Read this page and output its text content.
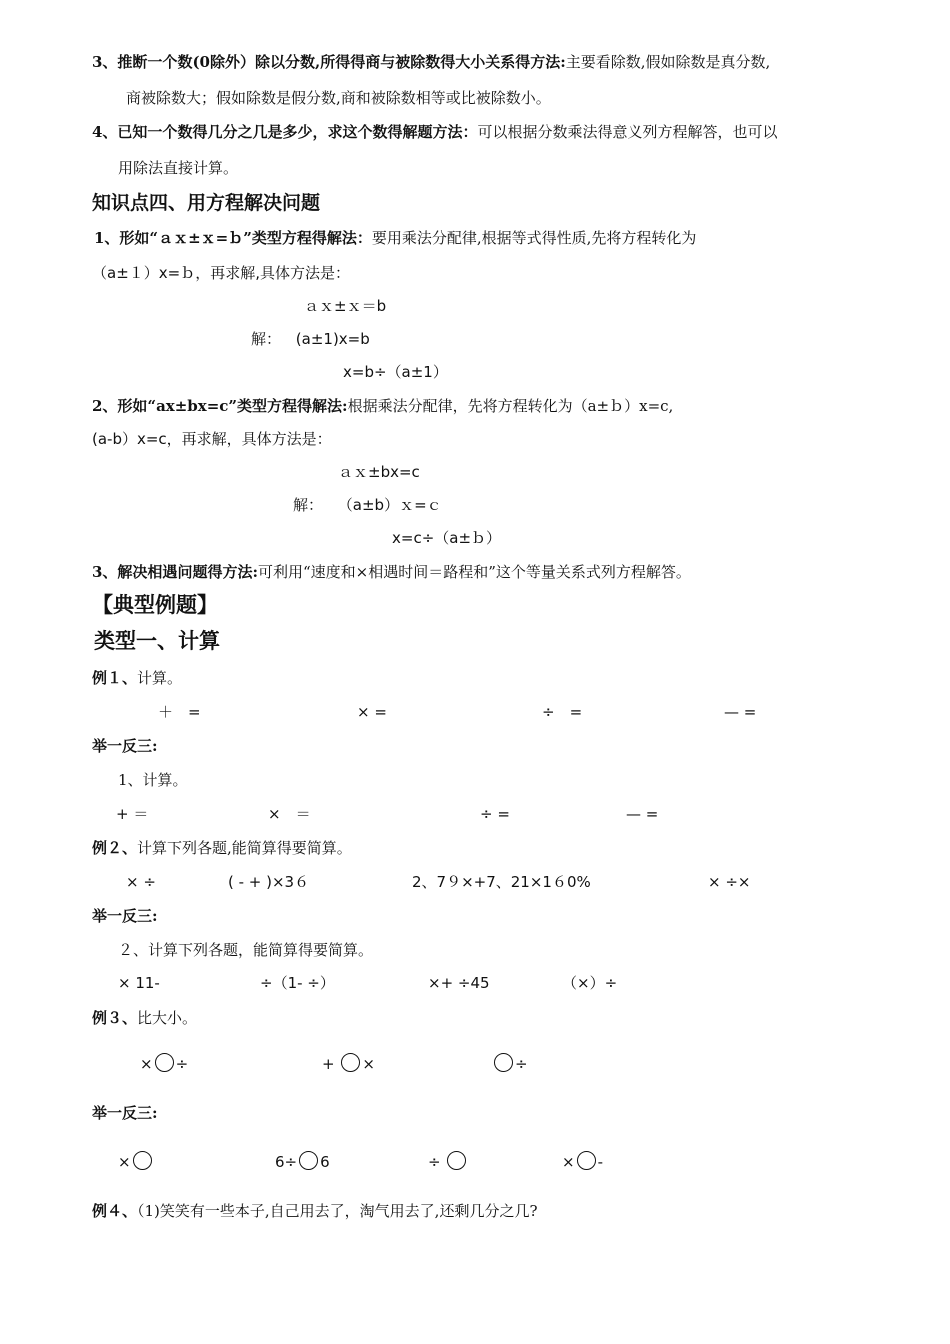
3、推断一个数(0除外）除以分数,所得得商与被除数得大小关系得方法:主要看除数,假如除数是真分数,
商被除数大；假如除数是假分数,商和被除数相等或比被除数小。
4、已知一个数得几分之几是多少，求这个数得解题方法：可以根据分数乘法得意义列方程解答，也可以
用除法直接计算。
知识点四、用方程解决问题
1、形如“ａｘ±ｘ=ｂ”类型方程得解法：要用乘法分配律,根据等式得性质,先将方程转化为
（a±１）x=ｂ，再求解,具体方法是：
ａｘ±ｘ＝b
解： (a±1)x=b
x=b÷（a±1）
2、形如“ax±bx=c”类型方程得解法:根据乘法分配律，先将方程转化为（a±ｂ）x=c,
(a-b）x=c，再求解，具体方法是：
ａｘ±bx=c
解： （a±b）ｘ=ｃ
x=c÷（a±ｂ）
3、解决相遇问题得方法:可利用“速度和×相遇时间＝路程和”这个等量关系式列方程解答。
【典型例题】
类型一、计算
例１、计算。
＋　=	× =	÷　=	— =
举一反三:
1、计算。
+ ＝	×　＝	÷ =	— =
例２、计算下列各题,能简算得要简算。
× ÷	( - + )×3６	2、7９×+7、21×1６0%	× ÷×
举一反三:
２、计算下列各题，能简算得要简算。
× 11-	÷（1- ÷）	×+ ÷45	（×）÷
例３、比大小。
× ÷	+ ×	÷
举一反三:
×	6÷ 6	÷	× -
例４、（1)笑笑有一些本子,自己用去了，淘气用去了,还剩几分之几?
